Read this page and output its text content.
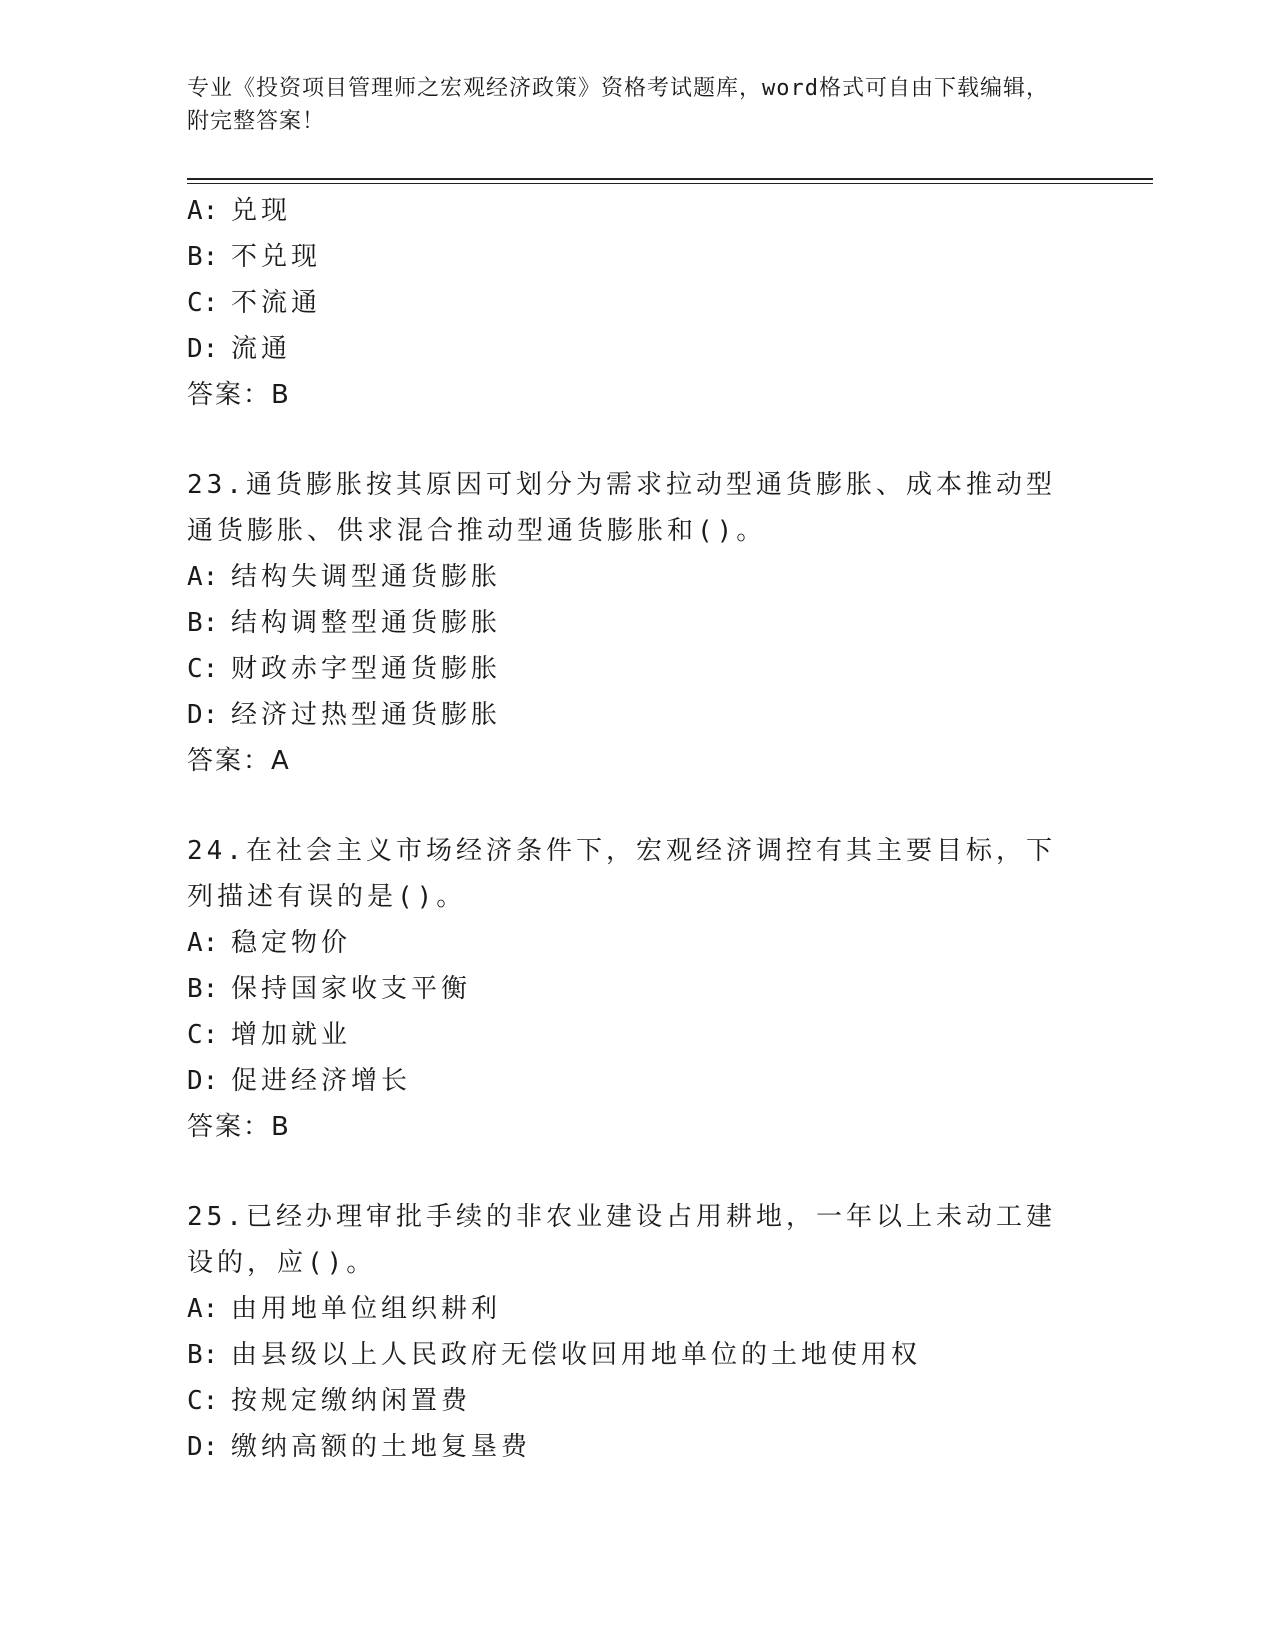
专业《投资项目管理师之宏观经济政策》资格考试题库，word格式可自由下载编辑，附完整答案！
A: 兑现
B: 不兑现
C: 不流通
D: 流通
答案：B
23.通货膨胀按其原因可划分为需求拉动型通货膨胀、成本推动型通货膨胀、供求混合推动型通货膨胀和()。
A: 结构失调型通货膨胀
B: 结构调整型通货膨胀
C: 财政赤字型通货膨胀
D: 经济过热型通货膨胀
答案：A
24.在社会主义市场经济条件下，宏观经济调控有其主要目标，下列描述有误的是()。
A: 稳定物价
B: 保持国家收支平衡
C: 增加就业
D: 促进经济增长
答案：B
25.已经办理审批手续的非农业建设占用耕地，一年以上未动工建设的，应()。
A: 由用地单位组织耕利
B: 由县级以上人民政府无偿收回用地单位的土地使用权
C: 按规定缴纳闲置费
D: 缴纳高额的土地复垦费
